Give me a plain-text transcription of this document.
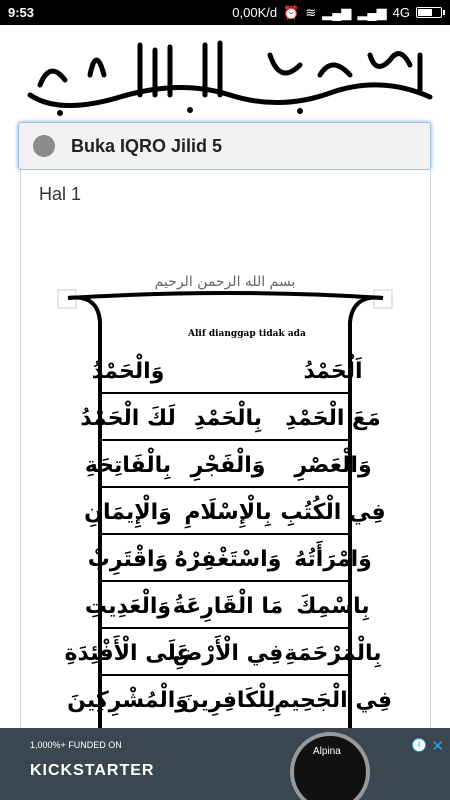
9:53	0,00K/d ⏰ ≋ ▂▄▆ ▂▄▆ 4G
Buka IQRO Jilid 5
Hal 1
بسم الله الرحمن الرحيم
Alif dianggap tidak ada
اَلْحَمْدُ
وَالْحَمْدُ
مَعَ الْحَمْدِ
بِالْحَمْدِ
لَكَ الْحَمْدُ
وَالْعَصْرِ
وَالْفَجْرِ
بِالْفَاتِحَةِ
فِي الْكُتُبِ
بِالْإِسْلَامِ
وَالْإِيمَانِ
وَامْرَأَتُهُ
وَاسْتَغْفِرْهُ
وَاقْتَرِبْ
بِاسْمِكَ
مَا الْقَارِعَةُ
وَالْعَدِيتِ
بِالْمَرْحَمَةِ
فِي الْأَرْضِ
عَلَى الْأَفْئِدَةِ
فِي الْجَحِيمِ
لِلْكَافِرِينَ
وَالْمُشْرِكِينَ
1,000%+ FUNDED ON
KICKSTARTER
Alpina
i ✕
